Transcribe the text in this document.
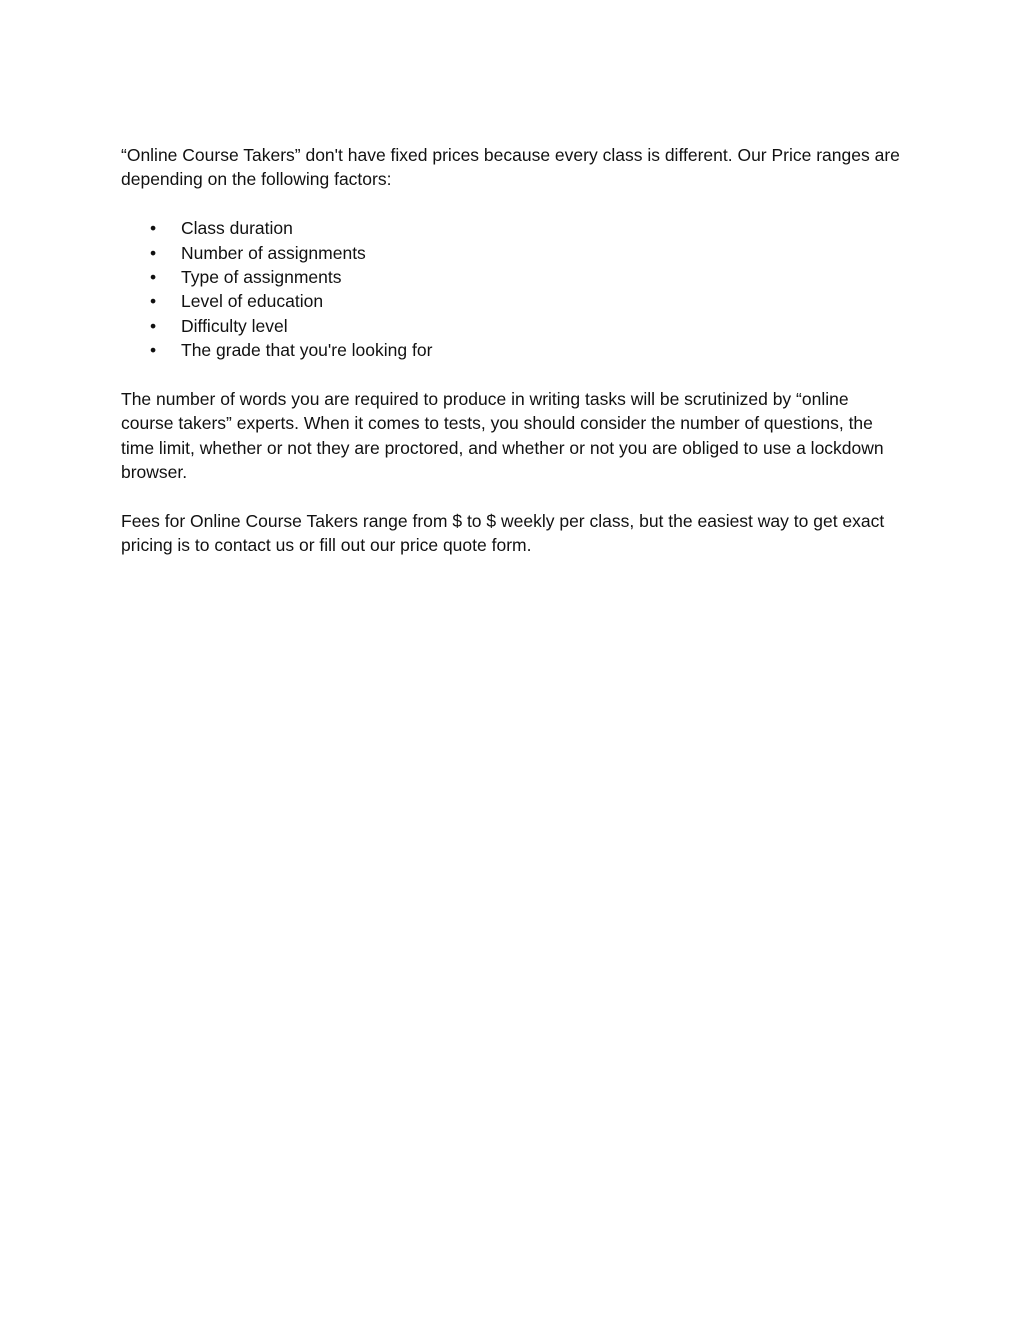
“Online Course Takers” don't have fixed prices because every class is different. Our Price ranges are depending on the following factors:

• Class duration
• Number of assignments
• Type of assignments
• Level of education
• Difficulty level
• The grade that you're looking for

The number of words you are required to produce in writing tasks will be scrutinized by “online course takers” experts. When it comes to tests, you should consider the number of questions, the time limit, whether or not they are proctored, and whether or not you are obliged to use a lockdown browser.

Fees for Online Course Takers range from $ to $ weekly per class, but the easiest way to get exact pricing is to contact us or fill out our price quote form.
